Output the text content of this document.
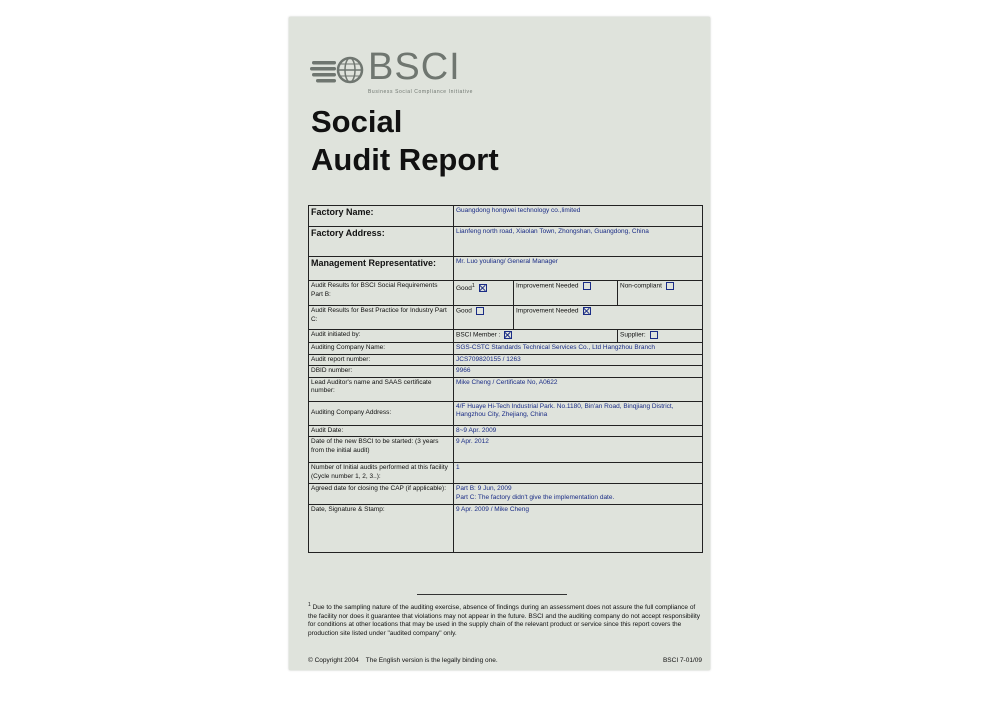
BSCI
Business Social Compliance Initiative
Social
Audit Report
Factory Name:	Guangdong hongwei technology co.,limited		
Factory Address:	Lianfeng north road, Xiaolan Town, Zhongshan, Guangdong, China		
Management Representative:	Mr. Luo youliang/ General Manager		
Audit Results for BSCI Social Requirements Part B:	Good$^1$	Improvement Needed	Non-compliant
Audit Results for Best Practice for Industry Part C:	Good	Improvement Needed	
Audit initiated by:	BSCI Member :		Supplier:
Auditing Company Name:	SGS-CSTC Standards Technical Services Co., Ltd Hangzhou Branch		
Audit report number:	JCS709820155 / 1263		
DBID number:	9966		
Lead Auditor's name and SAAS certificate number:	Mike Cheng / Certificate No, A0622		
Auditing Company Address:	4/F Huaye Hi-Tech Industrial Park. No.1180, Bin'an Road, Binqjiang District, Hangzhou City, Zhejiang, China		
Audit Date:	8~9 Apr. 2009		
Date of the new BSCI to be started: (3 years from the initial audit)	9 Apr. 2012		
Number of Initial audits performed at this facility (Cycle number 1, 2, 3..):	1		
Agreed date for closing the CAP (if applicable):	Part B: 9 Jun, 2009
Part C: The factory didn't give the implementation date.		

Date, Signature & Stamp:	9 Apr. 2009 / Mike Cheng		
$^1$ Due to the sampling nature of the auditing exercise, absence of findings during an assessment does not assure the full compliance of the facility nor does it guarantee that violations may not appear in the future. BSCI and the auditing company do not accept responsibility for conditions at other locations that may be used in the supply chain of the relevant product or service since this report covers the production site listed under "audited company" only.
© Copyright 2004    The English version is the legally binding one.	BSCI 7-01/09
